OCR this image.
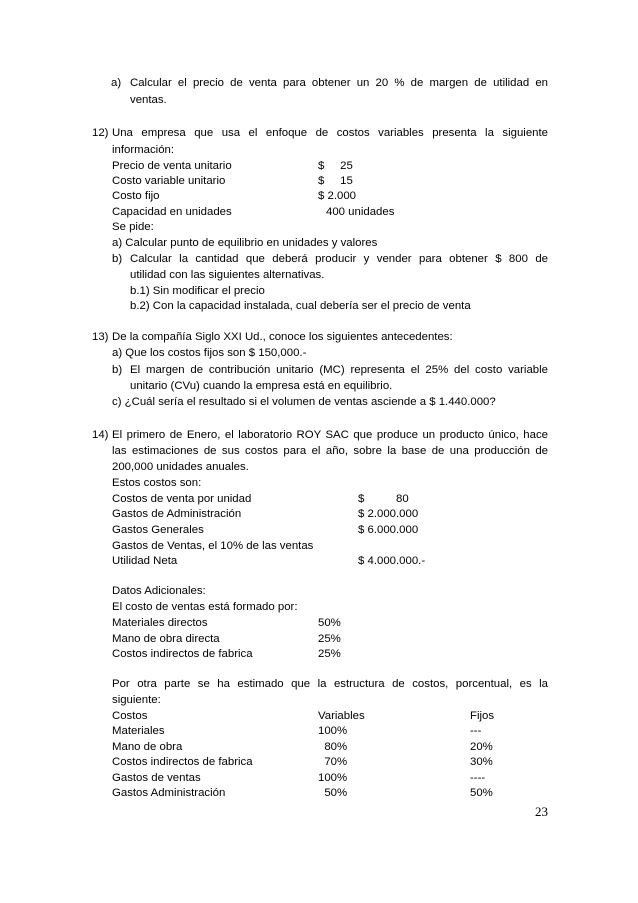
a) Calcular el precio de venta para obtener un 20 % de margen de utilidad en
ventas.
12) Una empresa que usa el enfoque de costos variables presenta la siguiente
información:
Precio de venta unitario	$     25
Costo variable unitario	$     15
Costo fijo	$ 2.000
Capacidad en unidades	400 unidades
Se pide:
a) Calcular punto de equilibrio en unidades y valores
b) Calcular la cantidad que deberá producir y vender para obtener $ 800 de
utilidad con las siguientes alternativas.
b.1) Sin modificar el precio
b.2) Con la capacidad instalada, cual debería ser el precio de venta
13) De la compañía Siglo XXI Ud., conoce los siguientes antecedentes:
a) Que los costos fijos son $ 150,000.-
b) El margen de contribución unitario (MC) representa el 25% del costo variable
unitario (CVu) cuando la empresa está en equilibrio.
c) ¿Cuál sería el resultado si el volumen de ventas asciende a $ 1.440.000?
14) El primero de Enero, el laboratorio ROY SAC que produce un producto único, hace
las estimaciones de sus costos para el año, sobre la base de una producción de
200,000 unidades anuales.
Estos costos son:
Costos de venta por unidad	$          80
Gastos de Administración	$ 2.000.000
Gastos Generales	$ 6.000.000
Gastos de Ventas, el 10% de las ventas
Utilidad Neta	$ 4.000.000.-
Datos Adicionales:
El costo de ventas está formado por:
Materiales directos	50%
Mano de obra directa	25%
Costos indirectos de fabrica	25%
Por otra parte se ha estimado que la estructura de costos, porcentual, es la
siguiente:
Costos	Variables	Fijos
Materiales	100%	---
Mano de obra	80%	20%
Costos indirectos de fabrica	70%	30%
Gastos de ventas	100%	----
Gastos Administración	50%	50%
23
